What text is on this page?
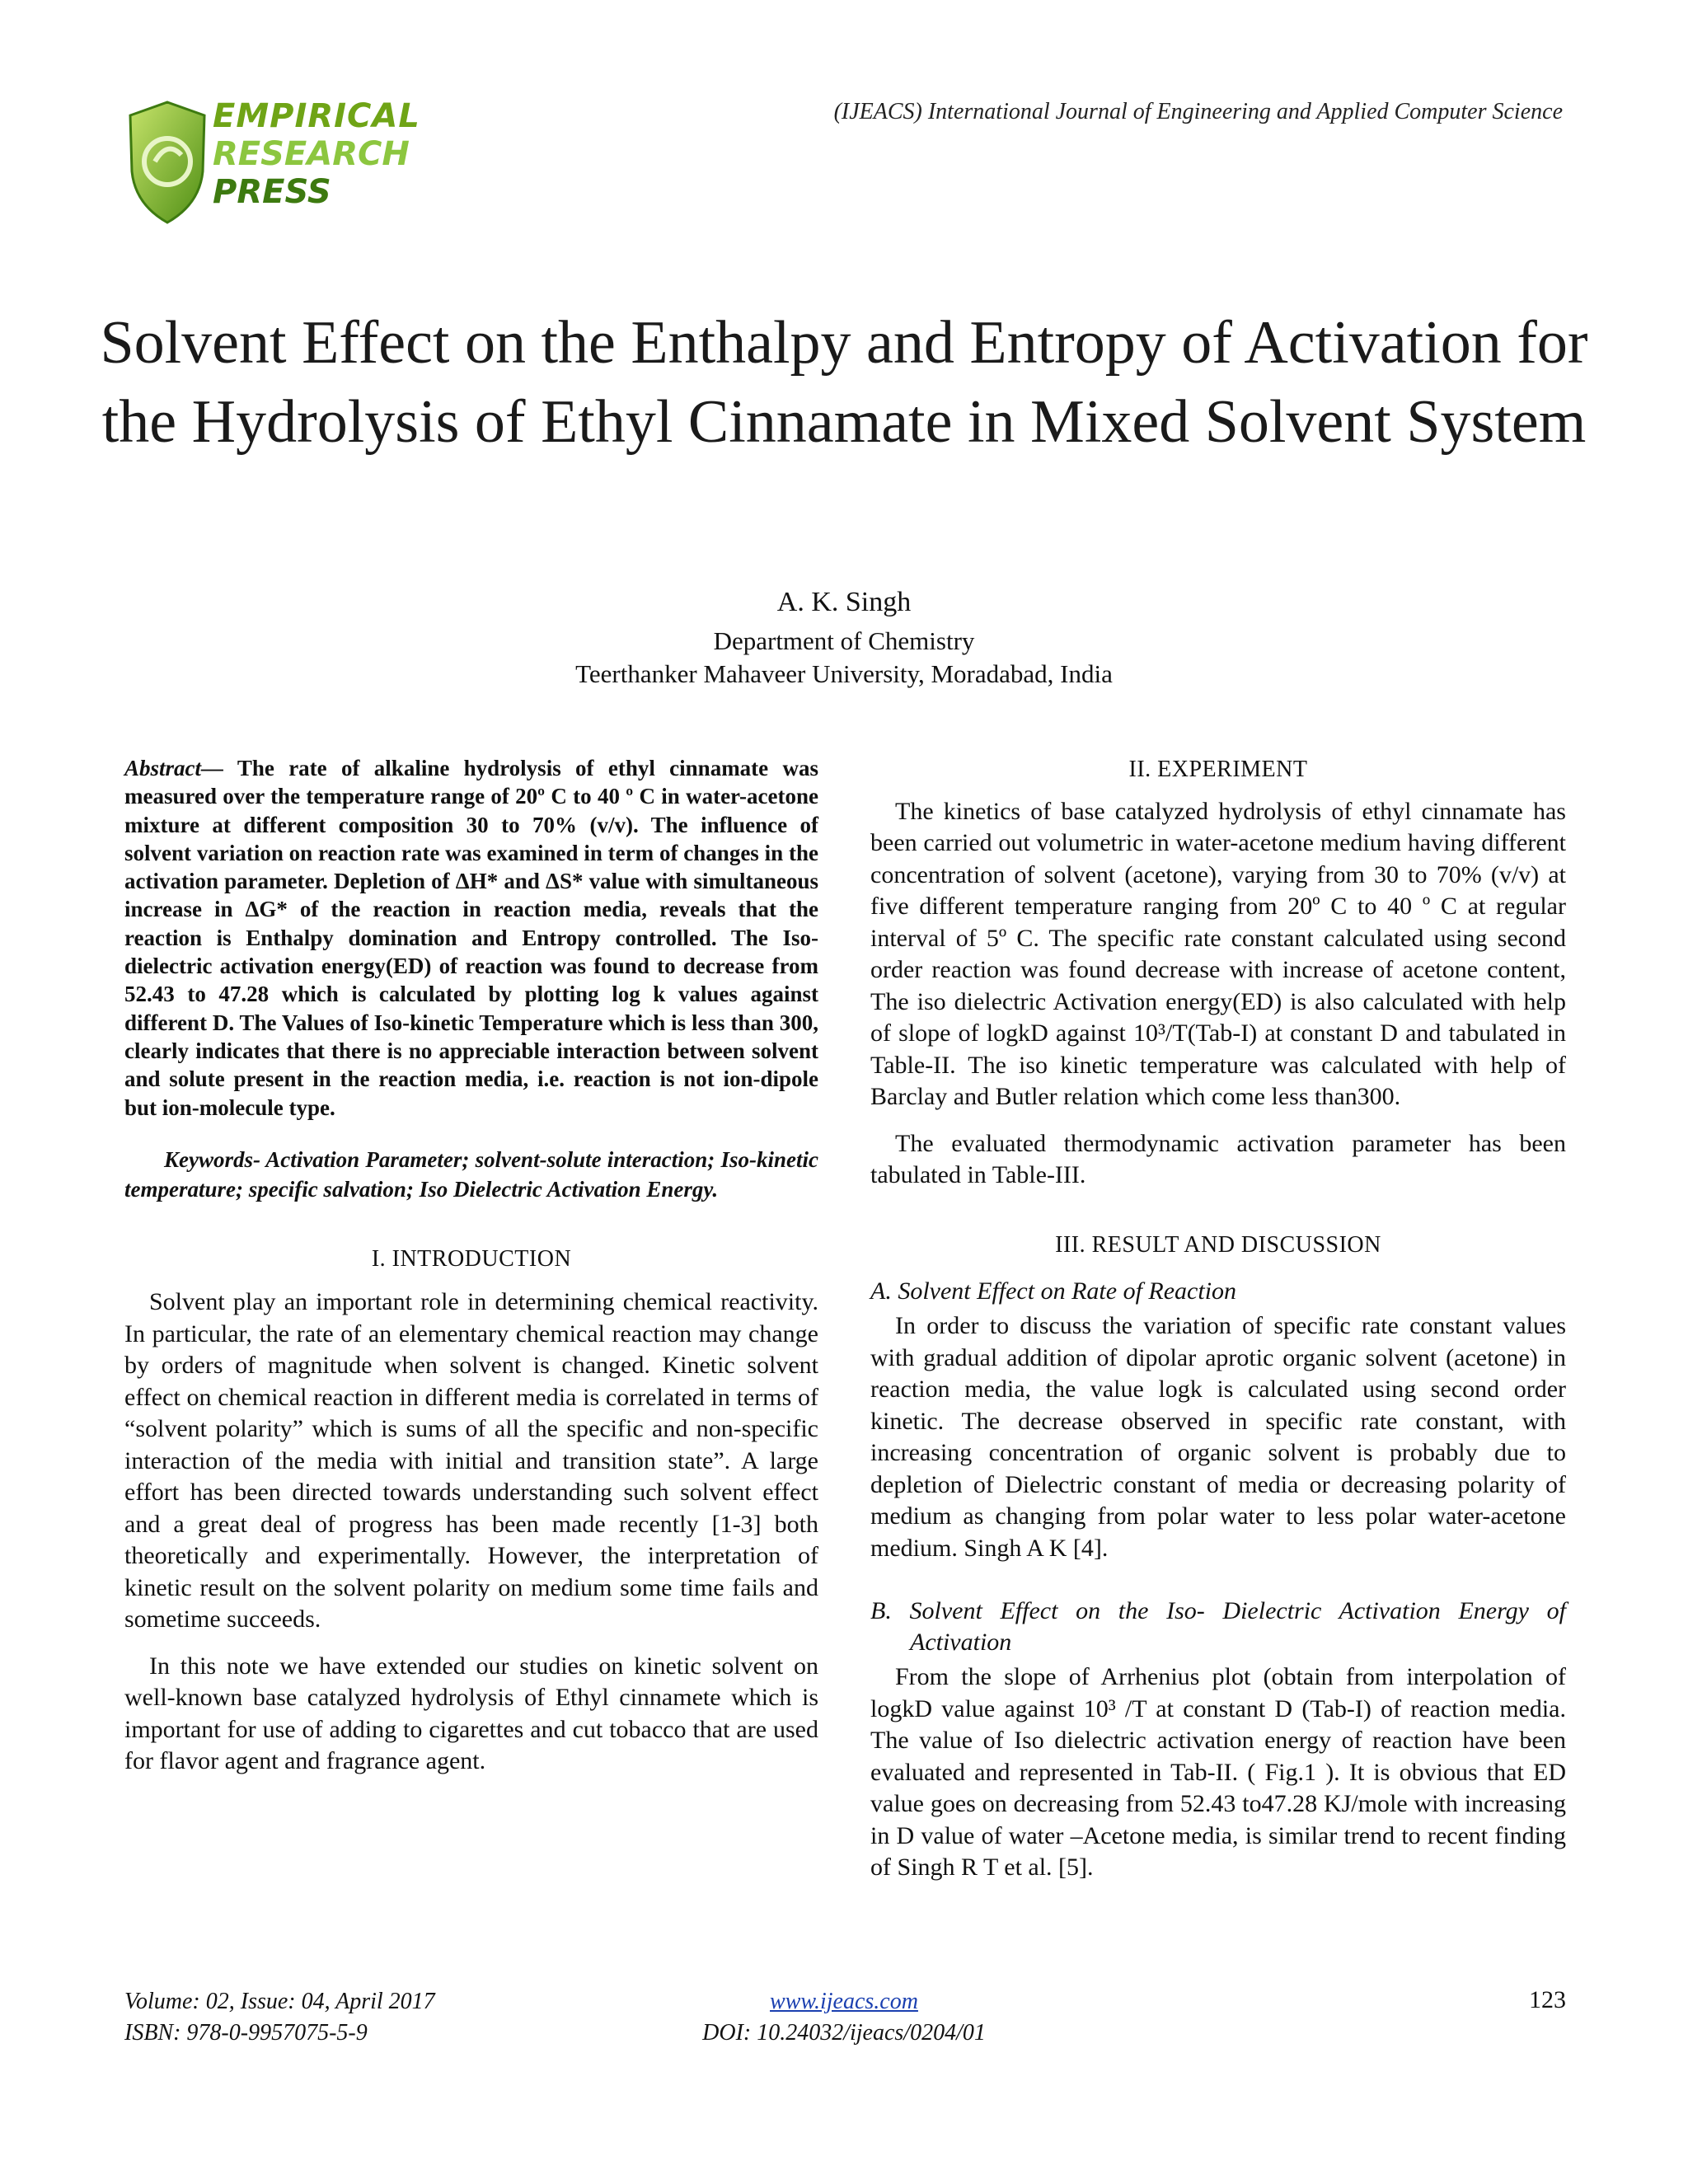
EMPIRICAL
RESEARCH
PRESS
(IJEACS) International Journal of Engineering and Applied Computer Science
Solvent Effect on the Enthalpy and Entropy of Activation for the Hydrolysis of Ethyl Cinnamate in Mixed Solvent System
A. K. Singh
Department of Chemistry
Teerthanker Mahaveer University, Moradabad, India

Abstract— The rate of alkaline hydrolysis of ethyl cinnamate was measured over the temperature range of 20º C to 40 º C in water-acetone mixture at different composition 30 to 70% (v/v). The influence of solvent variation on reaction rate was examined in term of changes in the activation parameter. Depletion of ΔH* and ΔS* value with simultaneous increase in ΔG* of the reaction in reaction media, reveals that the reaction is Enthalpy domination and Entropy controlled. The Iso- dielectric activation energy(ED) of reaction was found to decrease from 52.43 to 47.28 which is calculated by plotting log k values against different D. The Values of Iso-kinetic Temperature which is less than 300, clearly indicates that there is no appreciable interaction between solvent and solute present in the reaction media, i.e. reaction is not ion-dipole but ion-molecule type.

Keywords- Activation Parameter; solvent-solute interaction; Iso-kinetic temperature; specific salvation; Iso Dielectric Activation Energy.

I. INTRODUCTION

Solvent play an important role in determining chemical reactivity. In particular, the rate of an elementary chemical reaction may change by orders of magnitude when solvent is changed. Kinetic solvent effect on chemical reaction in different media is correlated in terms of “solvent polarity” which is sums of all the specific and non-specific interaction of the media with initial and transition state”. A large effort has been directed towards understanding such solvent effect and a great deal of progress has been made recently [1-3] both theoretically and experimentally. However, the interpretation of kinetic result on the solvent polarity on medium some time fails and sometime succeeds.

In this note we have extended our studies on kinetic solvent on well-known base catalyzed hydrolysis of Ethyl cinnamete which is important for use of adding to cigarettes and cut tobacco that are used for flavor agent and fragrance agent.

II. EXPERIMENT

The kinetics of base catalyzed hydrolysis of ethyl cinnamate has been carried out volumetric in water-acetone medium having different concentration of solvent (acetone), varying from 30 to 70% (v/v) at five different temperature ranging from 20º C to 40 º C at regular interval of 5º C. The specific rate constant calculated using second order reaction was found decrease with increase of acetone content, The iso dielectric Activation energy(ED) is also calculated with help of slope of logkD against 10³/T(Tab-I) at constant D and tabulated in Table-II. The iso kinetic temperature was calculated with help of Barclay and Butler relation which come less than300.

The evaluated thermodynamic activation parameter has been tabulated in Table-III.

III. RESULT AND DISCUSSION
A. Solvent Effect on Rate of Reaction

In order to discuss the variation of specific rate constant values with gradual addition of dipolar aprotic organic solvent (acetone) in reaction media, the value logk is calculated using second order kinetic. The decrease observed in specific rate constant, with increasing concentration of organic solvent is probably due to depletion of Dielectric constant of media or decreasing polarity of medium as changing from polar water to less polar water-acetone medium. Singh A K [4].

B. Solvent Effect on the Iso- Dielectric Activation Energy of Activation

From the slope of Arrhenius plot (obtain from interpolation of logkD value against 10³ /T at constant D (Tab-I) of reaction media. The value of Iso dielectric activation energy of reaction have been evaluated and represented in Tab-II. ( Fig.1 ). It is obvious that ED value goes on decreasing from 52.43 to47.28 KJ/mole with increasing in D value of water –Acetone media, is similar trend to recent finding of Singh R T et al. [5].

Volume: 02, Issue: 04, April 2017
ISBN: 978-0-9957075-5-9
www.ijeacs.com
DOI: 10.24032/ijeacs/0204/01
123
